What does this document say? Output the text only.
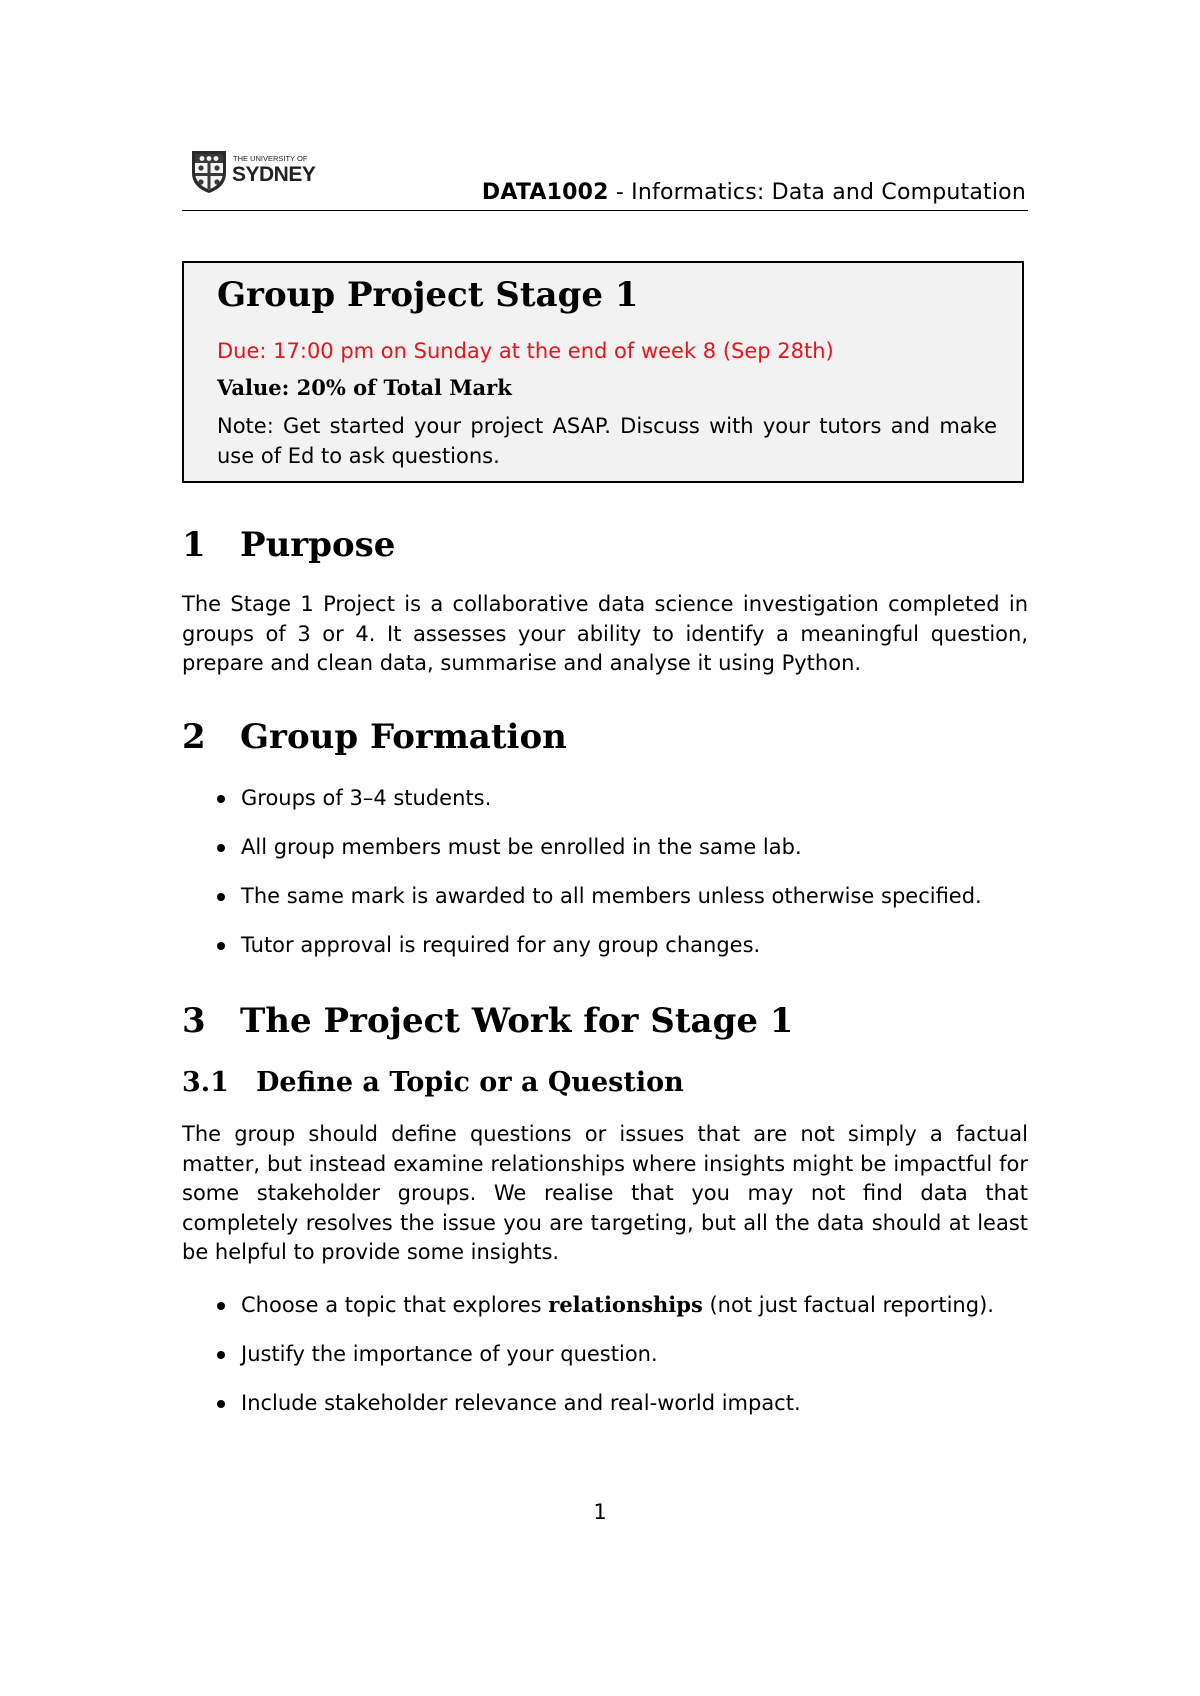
THE UNIVERSITY OF
SYDNEY
DATA1002 - Informatics: Data and Computation
Group Project Stage 1
Due: 17:00 pm on Sunday at the end of week 8 (Sep 28th)
Value: 20% of Total Mark
Note: Get started your project ASAP. Discuss with your tutors and make use of Ed to ask questions.
1 Purpose
The Stage 1 Project is a collaborative data science investigation completed in groups of 3 or 4. It assesses your ability to identify a meaningful question, prepare and clean data, summarise and analyse it using Python.
2 Group Formation
Groups of 3–4 students.
All group members must be enrolled in the same lab.
The same mark is awarded to all members unless otherwise specified.
Tutor approval is required for any group changes.
3 The Project Work for Stage 1
3.1 Define a Topic or a Question
The group should define questions or issues that are not simply a factual matter, but instead examine relationships where insights might be impactful for some stakeholder groups. We realise that you may not find data that completely resolves the issue you are targeting, but all the data should at least be helpful to provide some insights.
Choose a topic that explores relationships (not just factual reporting).
Justify the importance of your question.
Include stakeholder relevance and real-world impact.
1
